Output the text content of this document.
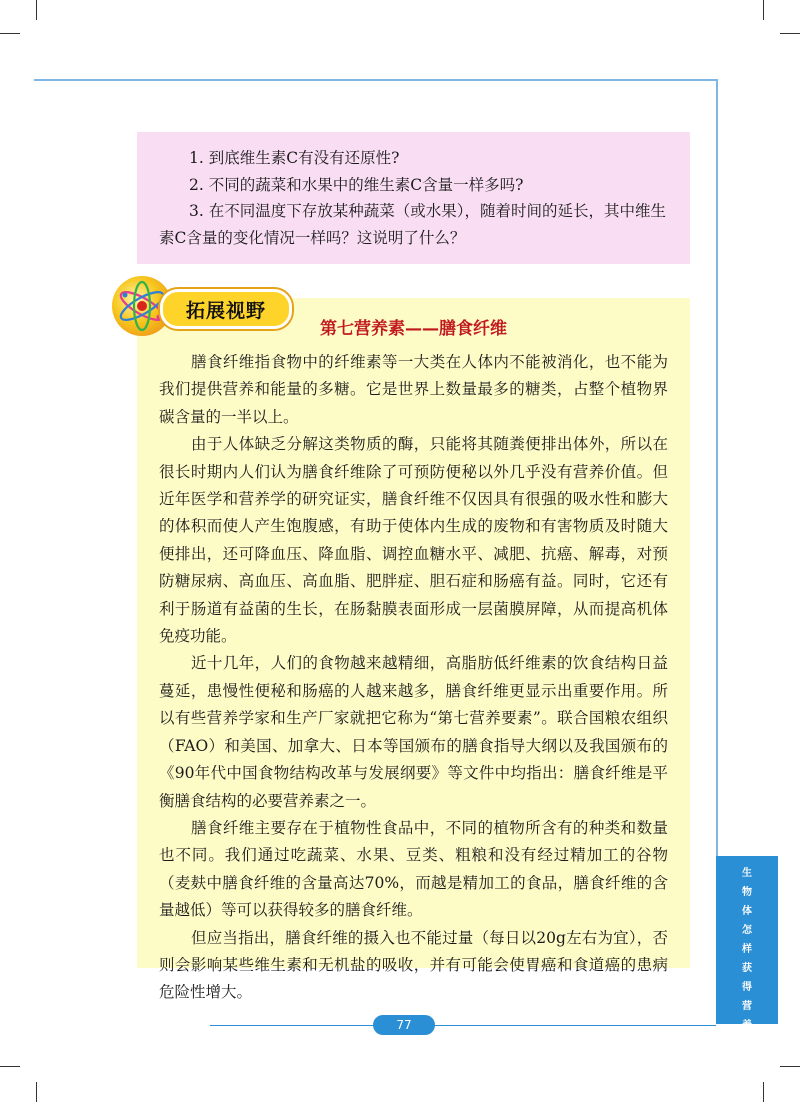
1. 到底维生素C有没有还原性?

2. 不同的蔬菜和水果中的维生素C含量一样多吗?

3. 在不同温度下存放某种蔬菜（或水果），随着时间的延长，其中维生素C含量的变化情况一样吗？这说明了什么？

拓展视野
第七营养素——膳食纤维

膳食纤维指食物中的纤维素等一大类在人体内不能被消化，也不能为我们提供营养和能量的多糖。它是世界上数量最多的糖类，占整个植物界碳含量的一半以上。

由于人体缺乏分解这类物质的酶，只能将其随粪便排出体外，所以在很长时期内人们认为膳食纤维除了可预防便秘以外几乎没有营养价值。但近年医学和营养学的研究证实，膳食纤维不仅因具有很强的吸水性和膨大的体积而使人产生饱腹感，有助于使体内生成的废物和有害物质及时随大便排出，还可降血压、降血脂、调控血糖水平、减肥、抗癌、解毒，对预防糖尿病、高血压、高血脂、肥胖症、胆石症和肠癌有益。同时，它还有利于肠道有益菌的生长，在肠黏膜表面形成一层菌膜屏障，从而提高机体免疫功能。

近十几年，人们的食物越来越精细，高脂肪低纤维素的饮食结构日益蔓延，患慢性便秘和肠癌的人越来越多，膳食纤维更显示出重要作用。所以有些营养学家和生产厂家就把它称为“第七营养要素”。联合国粮农组织（FAO）和美国、加拿大、日本等国颁布的膳食指导大纲以及我国颁布的《90年代中国食物结构改革与发展纲要》等文件中均指出：膳食纤维是平衡膳食结构的必要营养素之一。

膳食纤维主要存在于植物性食品中，不同的植物所含有的种类和数量也不同。我们通过吃蔬菜、水果、豆类、粗粮和没有经过精加工的谷物（麦麸中膳食纤维的含量高达70%，而越是精加工的食品，膳食纤维的含量越低）等可以获得较多的膳食纤维。

但应当指出，膳食纤维的摄入也不能过量（每日以20g左右为宜），否则会影响某些维生素和无机盐的吸收，并有可能会使胃癌和食道癌的患病危险性增大。

生
物
体
怎
样
获
得
营
养
77
